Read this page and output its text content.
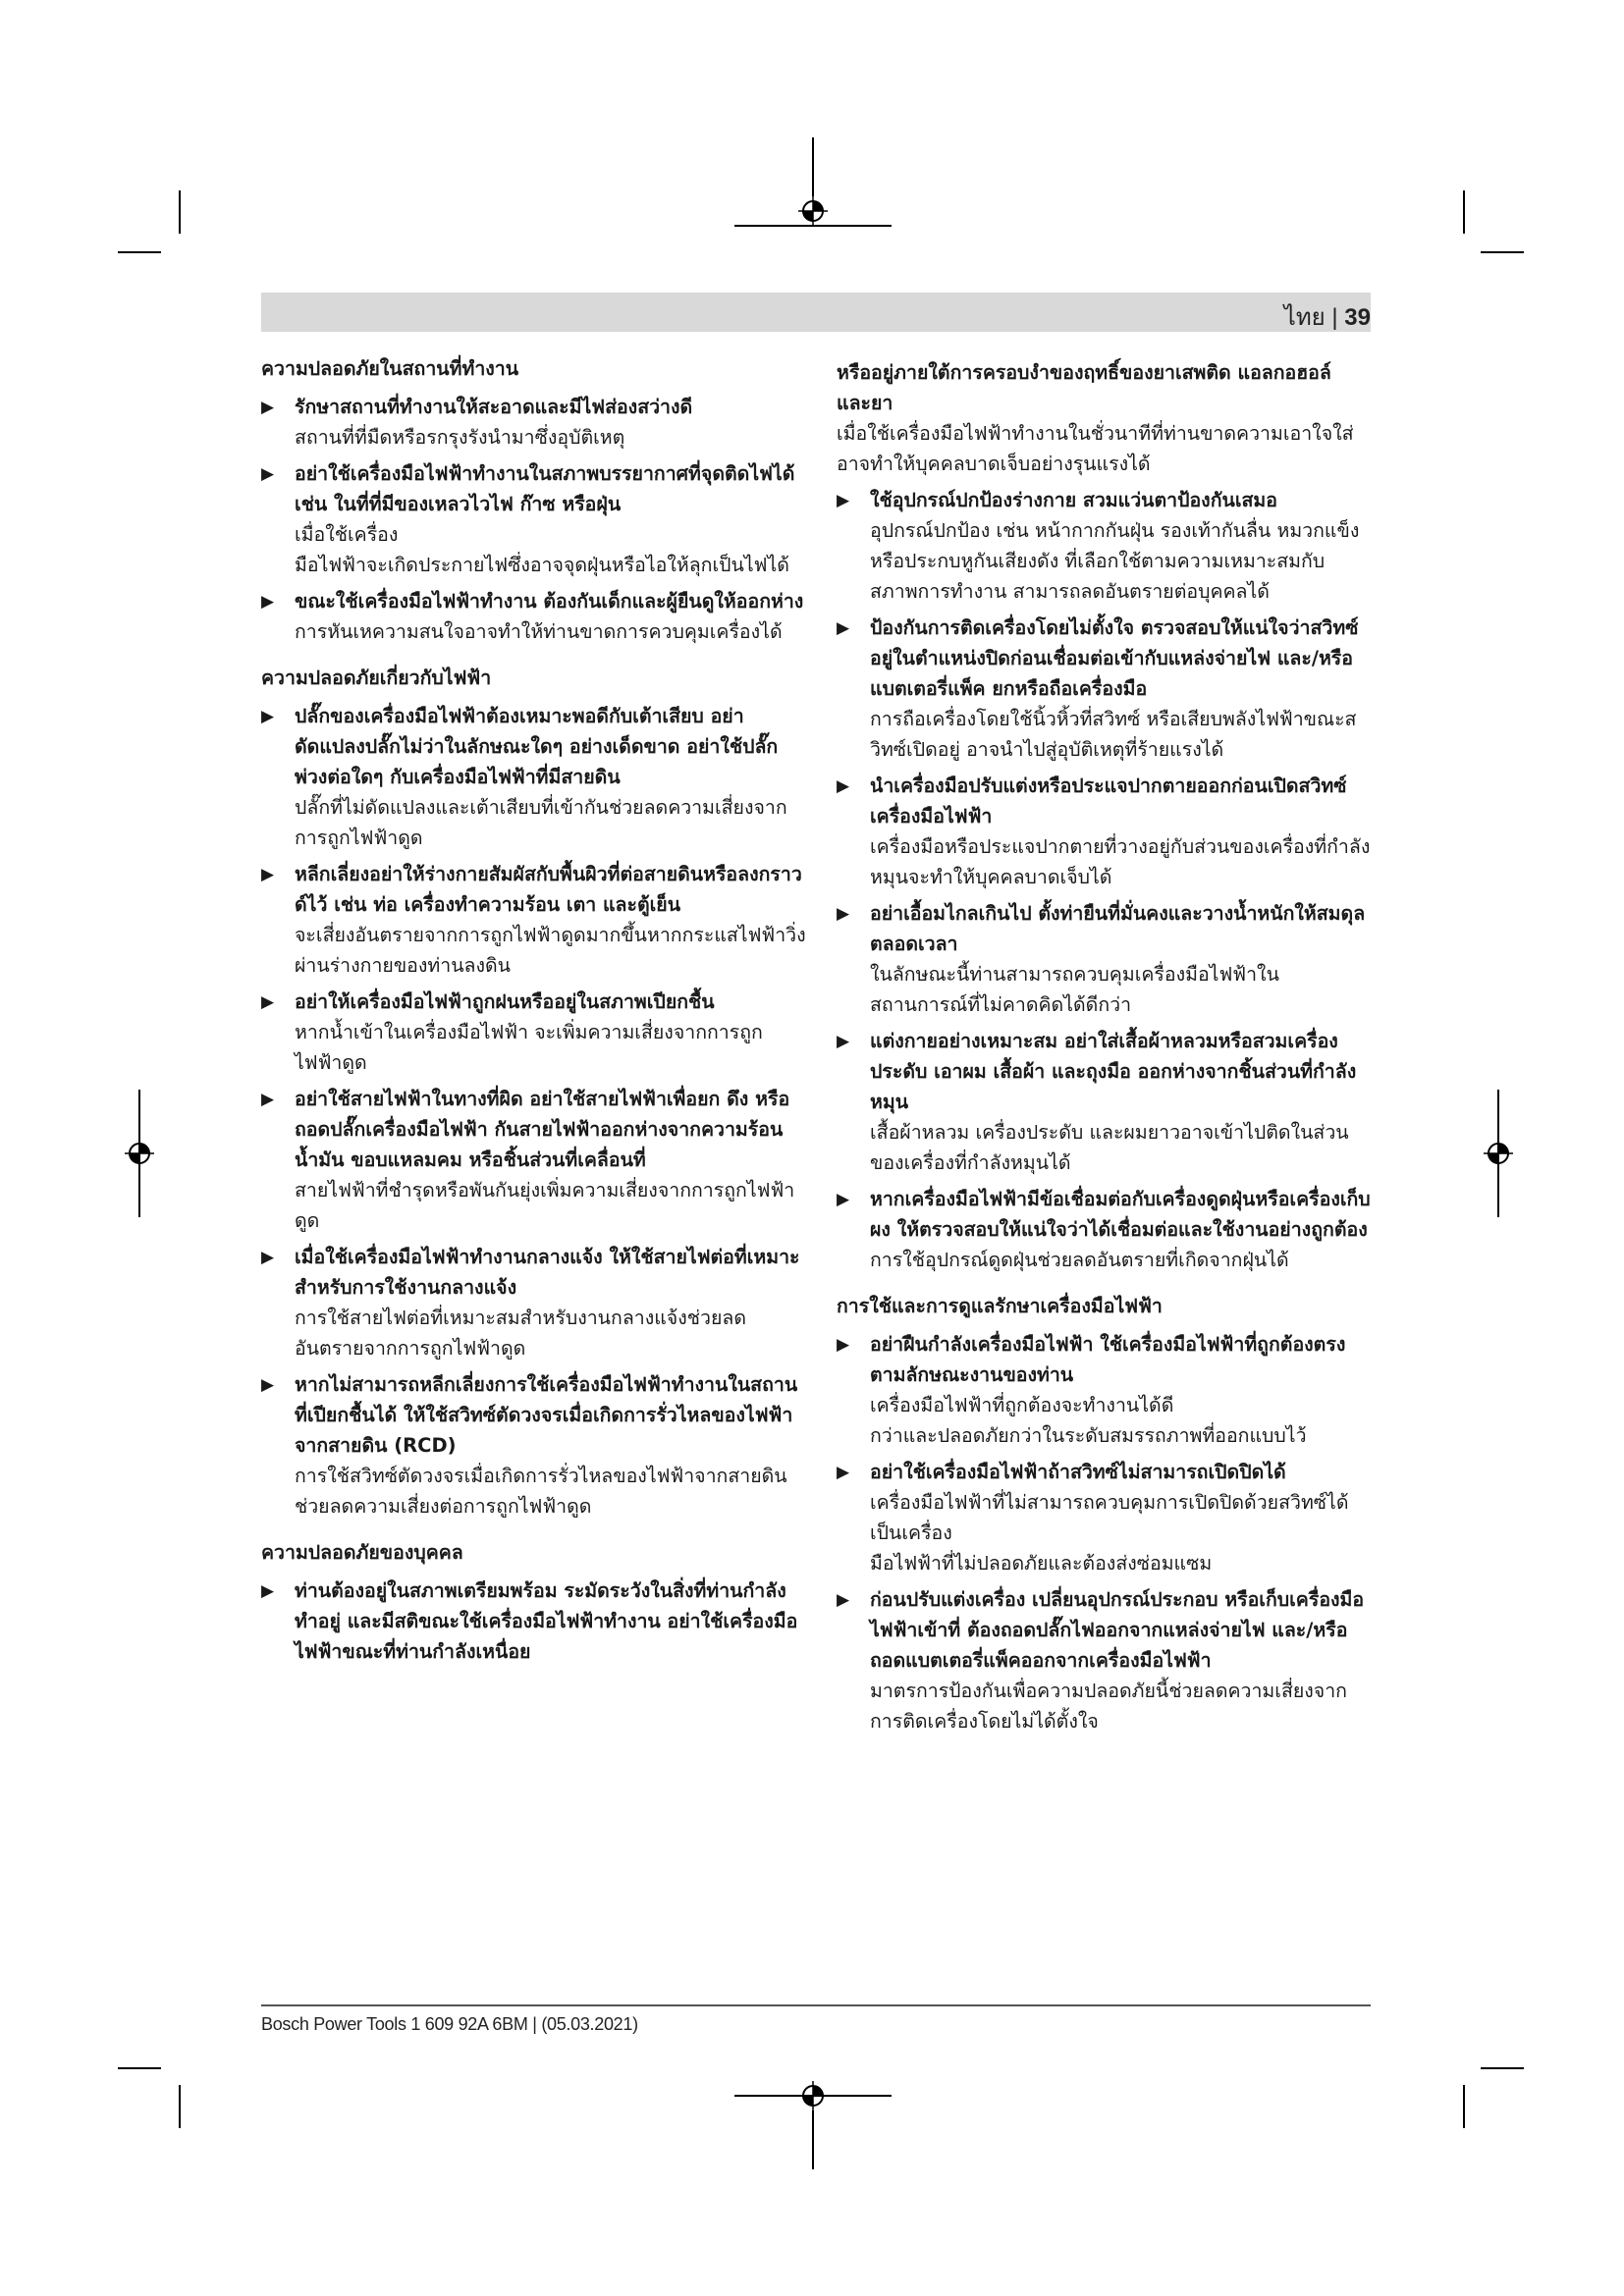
ไทย | 39
ความปลอดภัยในสถานที่ทำงาน
▶ รักษาสถานที่ทำงานให้สะอาดและมีไฟส่องสว่างดี
สถานที่ที่มืดหรือรกรุงรังนำมาซึ่งอุบัติเหตุ
▶ อย่าใช้เครื่องมือไฟฟ้าทำงานในสภาพบรรยากาศที่จุดติดไฟได้ เช่น ในที่ที่มีของเหลวไวไฟ ก๊าซ หรือฝุ่น
เมื่อใช้เครื่อง
มือไฟฟ้าจะเกิดประกายไฟซึ่งอาจจุดฝุ่นหรือไอให้ลุกเป็นไฟได้
▶ ขณะใช้เครื่องมือไฟฟ้าทำงาน ต้องกันเด็กและผู้ยืนดูให้ออกห่าง
การหันเหความสนใจอาจทำให้ท่านขาดการควบคุมเครื่องได้
ความปลอดภัยเกี่ยวกับไฟฟ้า
▶ ปลั๊กของเครื่องมือไฟฟ้าต้องเหมาะพอดีกับเต้าเสียบ อย่าดัดแปลงปลั๊กไม่ว่าในลักษณะใดๆ อย่างเด็ดขาด อย่าใช้ปลั๊กพ่วงต่อใดๆ กับเครื่องมือไฟฟ้าที่มีสายดิน
ปลั๊กที่ไม่ดัดแปลงและเต้าเสียบที่เข้ากันช่วยลดความเสี่ยงจากการถูกไฟฟ้าดูด
▶ หลีกเลี่ยงอย่าให้ร่างกายสัมผัสกับพื้นผิวที่ต่อสายดินหรือลงกราวด์ไว้ เช่น ท่อ เครื่องทำความร้อน เตา และตู้เย็น
จะเสี่ยงอันตรายจากการถูกไฟฟ้าดูดมากขึ้นหากกระแสไฟฟ้าวิ่งผ่านร่างกายของท่านลงดิน
▶ อย่าให้เครื่องมือไฟฟ้าถูกฝนหรืออยู่ในสภาพเปียกชื้น
หากน้ำเข้าในเครื่องมือไฟฟ้า จะเพิ่มความเสี่ยงจากการถูกไฟฟ้าดูด
▶ อย่าใช้สายไฟฟ้าในทางที่ผิด อย่าใช้สายไฟฟ้าเพื่อยก ดึง หรือถอดปลั๊กเครื่องมือไฟฟ้า กันสายไฟฟ้าออกห่างจากความร้อน น้ำมัน ขอบแหลมคม หรือชิ้นส่วนที่เคลื่อนที่
สายไฟฟ้าที่ชำรุดหรือพันกันยุ่งเพิ่มความเสี่ยงจากการถูกไฟฟ้าดูด
▶ เมื่อใช้เครื่องมือไฟฟ้าทำงานกลางแจ้ง ให้ใช้สายไฟต่อที่เหมาะสำหรับการใช้งานกลางแจ้ง
การใช้สายไฟต่อที่เหมาะสมสำหรับงานกลางแจ้งช่วยลดอันตรายจากการถูกไฟฟ้าดูด
▶ หากไม่สามารถหลีกเลี่ยงการใช้เครื่องมือไฟฟ้าทำงานในสถานที่เปียกชื้นได้ ให้ใช้สวิทซ์ตัดวงจรเมื่อเกิดการรั่วไหลของไฟฟ้าจากสายดิน (RCD)
การใช้สวิทซ์ตัดวงจรเมื่อเกิดการรั่วไหลของไฟฟ้าจากสายดินช่วยลดความเสี่ยงต่อการถูกไฟฟ้าดูด
ความปลอดภัยของบุคคล
▶ ท่านต้องอยู่ในสภาพเตรียมพร้อม ระมัดระวังในสิ่งที่ท่านกำลังทำอยู่ และมีสติขณะใช้เครื่องมือไฟฟ้าทำงาน อย่าใช้เครื่องมือไฟฟ้าขณะที่ท่านกำลังเหนื่อย
หรืออยู่ภายใต้การครอบงำของฤทธิ์ของยาเสพติด แอลกอฮอล์ และยา
เมื่อใช้เครื่องมือไฟฟ้าทำงานในชั่วนาทีที่ท่านขาดความเอาใจใส่อาจทำให้บุคคลบาดเจ็บอย่างรุนแรงได้
▶ ใช้อุปกรณ์ปกป้องร่างกาย สวมแว่นตาป้องกันเสมอ
อุปกรณ์ปกป้อง เช่น หน้ากากกันฝุ่น รองเท้ากันลื่น หมวกแข็ง หรือประกบหูกันเสียงดัง ที่เลือกใช้ตามความเหมาะสมกับสภาพการทำงาน สามารถลดอันตรายต่อบุคคลได้
▶ ป้องกันการติดเครื่องโดยไม่ตั้งใจ ตรวจสอบให้แน่ใจว่าสวิทซ์อยู่ในตำแหน่งปิดก่อนเชื่อมต่อเข้ากับแหล่งจ่ายไฟ และ/หรือแบตเตอรี่แพ็ค ยกหรือถือเครื่องมือ
การถือเครื่องโดยใช้นิ้วหิ้วที่สวิทซ์ หรือเสียบพลังไฟฟ้าขณะสวิทซ์เปิดอยู่ อาจนำไปสู่อุบัติเหตุที่ร้ายแรงได้
▶ นำเครื่องมือปรับแต่งหรือประแจปากตายออกก่อนเปิดสวิทซ์เครื่องมือไฟฟ้า
เครื่องมือหรือประแจปากตายที่วางอยู่กับส่วนของเครื่องที่กำลังหมุนจะทำให้บุคคลบาดเจ็บได้
▶ อย่าเอื้อมไกลเกินไป ตั้งท่ายืนที่มั่นคงและวางน้ำหนักให้สมดุลตลอดเวลา
ในลักษณะนี้ท่านสามารถควบคุมเครื่องมือไฟฟ้าในสถานการณ์ที่ไม่คาดคิดได้ดีกว่า
▶ แต่งกายอย่างเหมาะสม อย่าใส่เสื้อผ้าหลวมหรือสวมเครื่องประดับ เอาผม เสื้อผ้า และถุงมือ ออกห่างจากชิ้นส่วนที่กำลังหมุน
เสื้อผ้าหลวม เครื่องประดับ และผมยาวอาจเข้าไปติดในส่วนของเครื่องที่กำลังหมุนได้
▶ หากเครื่องมือไฟฟ้ามีข้อเชื่อมต่อกับเครื่องดูดฝุ่นหรือเครื่องเก็บผง ให้ตรวจสอบให้แน่ใจว่าได้เชื่อมต่อและใช้งานอย่างถูกต้อง
การใช้อุปกรณ์ดูดฝุ่นช่วยลดอันตรายที่เกิดจากฝุ่นได้
การใช้และการดูแลรักษาเครื่องมือไฟฟ้า
▶ อย่าฝืนกำลังเครื่องมือไฟฟ้า ใช้เครื่องมือไฟฟ้าที่ถูกต้องตรงตามลักษณะงานของท่าน
เครื่องมือไฟฟ้าที่ถูกต้องจะทำงานได้ดี
กว่าและปลอดภัยกว่าในระดับสมรรถภาพที่ออกแบบไว้
▶ อย่าใช้เครื่องมือไฟฟ้าถ้าสวิทซ์ไม่สามารถเปิดปิดได้
เครื่องมือไฟฟ้าที่ไม่สามารถควบคุมการเปิดปิดด้วยสวิทซ์ได้ เป็นเครื่อง
มือไฟฟ้าที่ไม่ปลอดภัยและต้องส่งซ่อมแซม
▶ ก่อนปรับแต่งเครื่อง เปลี่ยนอุปกรณ์ประกอบ หรือเก็บเครื่องมือไฟฟ้าเข้าที่ ต้องถอดปลั๊กไฟออกจากแหล่งจ่ายไฟ และ/หรือถอดแบตเตอรี่แพ็คออกจากเครื่องมือไฟฟ้า
มาตรการป้องกันเพื่อความปลอดภัยนี้ช่วยลดความเสี่ยงจากการติดเครื่องโดยไม่ได้ตั้งใจ
Bosch Power Tools 1 609 92A 6BM | (05.03.2021)
